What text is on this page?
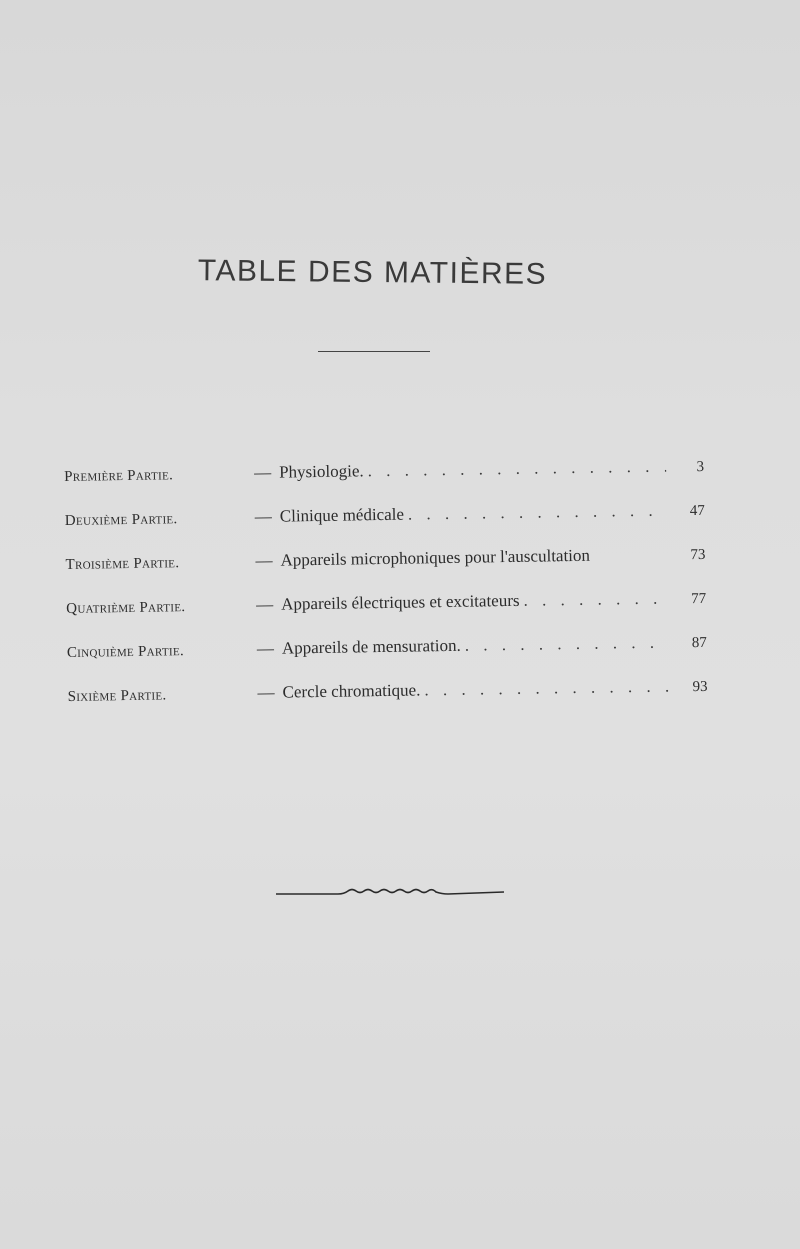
TABLE DES MATIÈRES
Première Partie.	— Physiologie. . . .	3
Deuxième Partie.	— Clinique médicale . . .	47
Troisième Partie.	— Appareils microphoniques pour l'auscultation	73
Quatrième Partie.	— Appareils électriques et excitateurs . . .	77
Cinquième Partie.	— Appareils de mensuration. . . .	87
Sixième Partie.	— Cercle chromatique. . . .	93
